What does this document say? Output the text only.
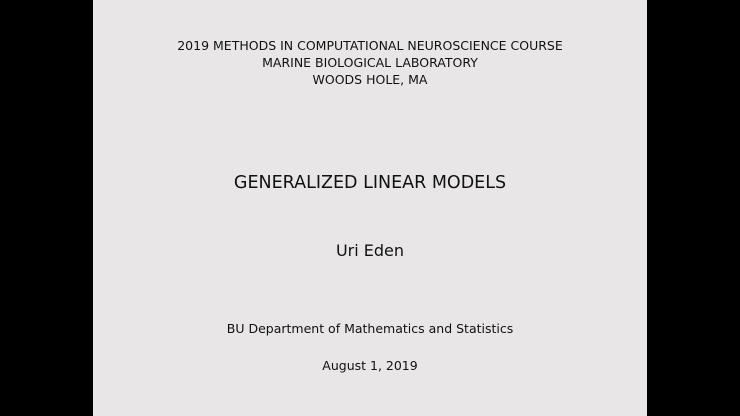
2019 METHODS IN COMPUTATIONAL NEUROSCIENCE COURSE
MARINE BIOLOGICAL LABORATORY
WOODS HOLE, MA
GENERALIZED LINEAR MODELS
Uri Eden
BU Department of Mathematics and Statistics
August 1, 2019
